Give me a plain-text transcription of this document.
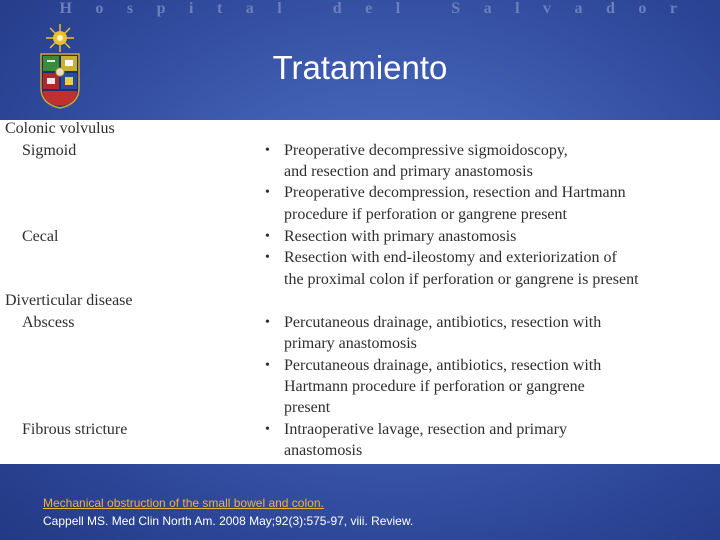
Hospital del Salvador
Tratamiento
Colonic volvulus
Sigmoid	• Preoperative decompressive sigmoidoscopy,
and resection and primary anastomosis
• Preoperative decompression, resection and Hartmann
procedure if perforation or gangrene present
Cecal	• Resection with primary anastomosis
• Resection with end-ileostomy and exteriorization of
the proximal colon if perforation or gangrene is present
Diverticular disease
Abscess	• Percutaneous drainage, antibiotics, resection with
primary anastomosis
• Percutaneous drainage, antibiotics, resection with
Hartmann procedure if perforation or gangrene
present
Fibrous stricture	• Intraoperative lavage, resection and primary
anastomosis
Mechanical obstruction of the small bowel and colon.
Cappell MS. Med Clin North Am. 2008 May;92(3):575-97, viii. Review.
